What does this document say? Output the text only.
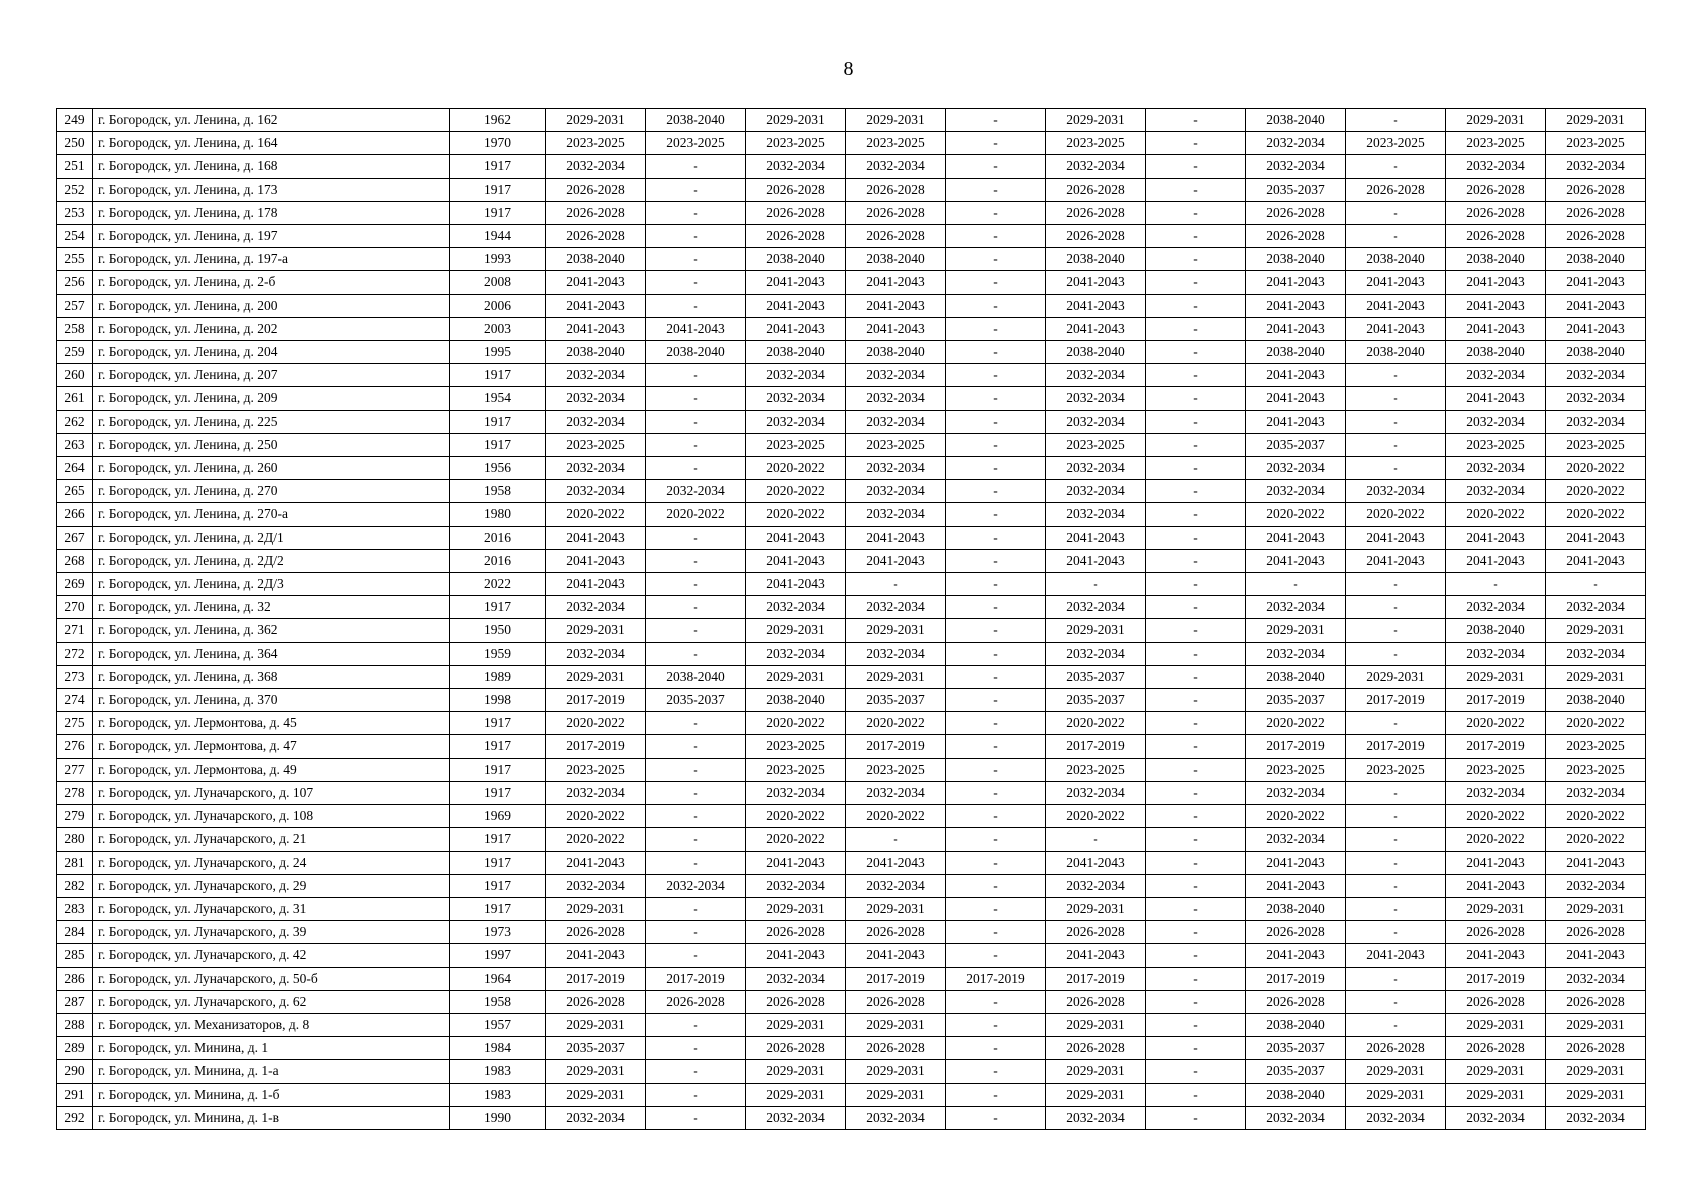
8
249	г. Богородск, ул. Ленина, д. 162	1962	2029-2031	2038-2040	2029-2031	2029-2031	-	2029-2031	-	2038-2040	-	2029-2031	2029-2031
250	г. Богородск, ул. Ленина, д. 164	1970	2023-2025	2023-2025	2023-2025	2023-2025	-	2023-2025	-	2032-2034	2023-2025	2023-2025	2023-2025
251	г. Богородск, ул. Ленина, д. 168	1917	2032-2034	-	2032-2034	2032-2034	-	2032-2034	-	2032-2034	-	2032-2034	2032-2034
252	г. Богородск, ул. Ленина, д. 173	1917	2026-2028	-	2026-2028	2026-2028	-	2026-2028	-	2035-2037	2026-2028	2026-2028	2026-2028
253	г. Богородск, ул. Ленина, д. 178	1917	2026-2028	-	2026-2028	2026-2028	-	2026-2028	-	2026-2028	-	2026-2028	2026-2028
254	г. Богородск, ул. Ленина, д. 197	1944	2026-2028	-	2026-2028	2026-2028	-	2026-2028	-	2026-2028	-	2026-2028	2026-2028
255	г. Богородск, ул. Ленина, д. 197-а	1993	2038-2040	-	2038-2040	2038-2040	-	2038-2040	-	2038-2040	2038-2040	2038-2040	2038-2040
256	г. Богородск, ул. Ленина, д. 2-б	2008	2041-2043	-	2041-2043	2041-2043	-	2041-2043	-	2041-2043	2041-2043	2041-2043	2041-2043
257	г. Богородск, ул. Ленина, д. 200	2006	2041-2043	-	2041-2043	2041-2043	-	2041-2043	-	2041-2043	2041-2043	2041-2043	2041-2043
258	г. Богородск, ул. Ленина, д. 202	2003	2041-2043	2041-2043	2041-2043	2041-2043	-	2041-2043	-	2041-2043	2041-2043	2041-2043	2041-2043
259	г. Богородск, ул. Ленина, д. 204	1995	2038-2040	2038-2040	2038-2040	2038-2040	-	2038-2040	-	2038-2040	2038-2040	2038-2040	2038-2040
260	г. Богородск, ул. Ленина, д. 207	1917	2032-2034	-	2032-2034	2032-2034	-	2032-2034	-	2041-2043	-	2032-2034	2032-2034
261	г. Богородск, ул. Ленина, д. 209	1954	2032-2034	-	2032-2034	2032-2034	-	2032-2034	-	2041-2043	-	2041-2043	2032-2034
262	г. Богородск, ул. Ленина, д. 225	1917	2032-2034	-	2032-2034	2032-2034	-	2032-2034	-	2041-2043	-	2032-2034	2032-2034
263	г. Богородск, ул. Ленина, д. 250	1917	2023-2025	-	2023-2025	2023-2025	-	2023-2025	-	2035-2037	-	2023-2025	2023-2025
264	г. Богородск, ул. Ленина, д. 260	1956	2032-2034	-	2020-2022	2032-2034	-	2032-2034	-	2032-2034	-	2032-2034	2020-2022
265	г. Богородск, ул. Ленина, д. 270	1958	2032-2034	2032-2034	2020-2022	2032-2034	-	2032-2034	-	2032-2034	2032-2034	2032-2034	2020-2022
266	г. Богородск, ул. Ленина, д. 270-а	1980	2020-2022	2020-2022	2020-2022	2032-2034	-	2032-2034	-	2020-2022	2020-2022	2020-2022	2020-2022
267	г. Богородск, ул. Ленина, д. 2Д/1	2016	2041-2043	-	2041-2043	2041-2043	-	2041-2043	-	2041-2043	2041-2043	2041-2043	2041-2043
268	г. Богородск, ул. Ленина, д. 2Д/2	2016	2041-2043	-	2041-2043	2041-2043	-	2041-2043	-	2041-2043	2041-2043	2041-2043	2041-2043
269	г. Богородск, ул. Ленина, д. 2Д/3	2022	2041-2043	-	2041-2043	-	-	-	-	-	-	-	-
270	г. Богородск, ул. Ленина, д. 32	1917	2032-2034	-	2032-2034	2032-2034	-	2032-2034	-	2032-2034	-	2032-2034	2032-2034
271	г. Богородск, ул. Ленина, д. 362	1950	2029-2031	-	2029-2031	2029-2031	-	2029-2031	-	2029-2031	-	2038-2040	2029-2031
272	г. Богородск, ул. Ленина, д. 364	1959	2032-2034	-	2032-2034	2032-2034	-	2032-2034	-	2032-2034	-	2032-2034	2032-2034
273	г. Богородск, ул. Ленина, д. 368	1989	2029-2031	2038-2040	2029-2031	2029-2031	-	2035-2037	-	2038-2040	2029-2031	2029-2031	2029-2031
274	г. Богородск, ул. Ленина, д. 370	1998	2017-2019	2035-2037	2038-2040	2035-2037	-	2035-2037	-	2035-2037	2017-2019	2017-2019	2038-2040
275	г. Богородск, ул. Лермонтова, д. 45	1917	2020-2022	-	2020-2022	2020-2022	-	2020-2022	-	2020-2022	-	2020-2022	2020-2022
276	г. Богородск, ул. Лермонтова, д. 47	1917	2017-2019	-	2023-2025	2017-2019	-	2017-2019	-	2017-2019	2017-2019	2017-2019	2023-2025
277	г. Богородск, ул. Лермонтова, д. 49	1917	2023-2025	-	2023-2025	2023-2025	-	2023-2025	-	2023-2025	2023-2025	2023-2025	2023-2025
278	г. Богородск, ул. Луначарского, д. 107	1917	2032-2034	-	2032-2034	2032-2034	-	2032-2034	-	2032-2034	-	2032-2034	2032-2034
279	г. Богородск, ул. Луначарского, д. 108	1969	2020-2022	-	2020-2022	2020-2022	-	2020-2022	-	2020-2022	-	2020-2022	2020-2022
280	г. Богородск, ул. Луначарского, д. 21	1917	2020-2022	-	2020-2022	-	-	-	-	2032-2034	-	2020-2022	2020-2022
281	г. Богородск, ул. Луначарского, д. 24	1917	2041-2043	-	2041-2043	2041-2043	-	2041-2043	-	2041-2043	-	2041-2043	2041-2043
282	г. Богородск, ул. Луначарского, д. 29	1917	2032-2034	2032-2034	2032-2034	2032-2034	-	2032-2034	-	2041-2043	-	2041-2043	2032-2034
283	г. Богородск, ул. Луначарского, д. 31	1917	2029-2031	-	2029-2031	2029-2031	-	2029-2031	-	2038-2040	-	2029-2031	2029-2031
284	г. Богородск, ул. Луначарского, д. 39	1973	2026-2028	-	2026-2028	2026-2028	-	2026-2028	-	2026-2028	-	2026-2028	2026-2028
285	г. Богородск, ул. Луначарского, д. 42	1997	2041-2043	-	2041-2043	2041-2043	-	2041-2043	-	2041-2043	2041-2043	2041-2043	2041-2043
286	г. Богородск, ул. Луначарского, д. 50-б	1964	2017-2019	2017-2019	2032-2034	2017-2019	2017-2019	2017-2019	-	2017-2019	-	2017-2019	2032-2034
287	г. Богородск, ул. Луначарского, д. 62	1958	2026-2028	2026-2028	2026-2028	2026-2028	-	2026-2028	-	2026-2028	-	2026-2028	2026-2028
288	г. Богородск, ул. Механизаторов, д. 8	1957	2029-2031	-	2029-2031	2029-2031	-	2029-2031	-	2038-2040	-	2029-2031	2029-2031
289	г. Богородск, ул. Минина, д. 1	1984	2035-2037	-	2026-2028	2026-2028	-	2026-2028	-	2035-2037	2026-2028	2026-2028	2026-2028
290	г. Богородск, ул. Минина, д. 1-а	1983	2029-2031	-	2029-2031	2029-2031	-	2029-2031	-	2035-2037	2029-2031	2029-2031	2029-2031
291	г. Богородск, ул. Минина, д. 1-б	1983	2029-2031	-	2029-2031	2029-2031	-	2029-2031	-	2038-2040	2029-2031	2029-2031	2029-2031
292	г. Богородск, ул. Минина, д. 1-в	1990	2032-2034	-	2032-2034	2032-2034	-	2032-2034	-	2032-2034	2032-2034	2032-2034	2032-2034
